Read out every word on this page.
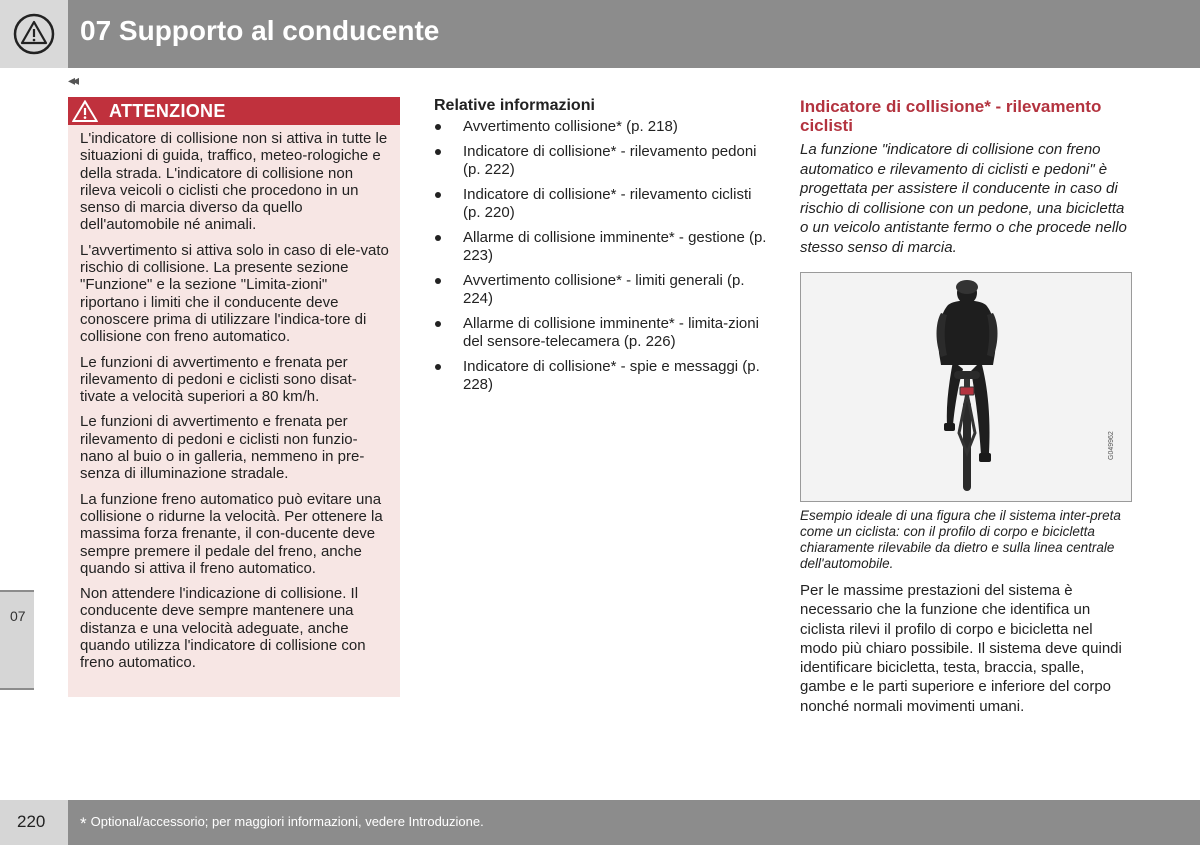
07 Supporto al conducente
◂◂
07
ATTENZIONE

L'indicatore di collisione non si attiva in tutte le situazioni di guida, traffico, meteo-rologiche e della strada. L'indicatore di collisione non rileva veicoli o ciclisti che procedono in un senso di marcia diverso da quello dell'automobile né animali.

L'avvertimento si attiva solo in caso di ele-vato rischio di collisione. La presente sezione "Funzione" e la sezione "Limita-zioni" riportano i limiti che il conducente deve conoscere prima di utilizzare l'indica-tore di collisione con freno automatico.

Le funzioni di avvertimento e frenata per rilevamento di pedoni e ciclisti sono disat-tivate a velocità superiori a 80 km/h.

Le funzioni di avvertimento e frenata per rilevamento di pedoni e ciclisti non funzio-nano al buio o in galleria, nemmeno in pre-senza di illuminazione stradale.

La funzione freno automatico può evitare una collisione o ridurne la velocità. Per ottenere la massima forza frenante, il con-ducente deve sempre premere il pedale del freno, anche quando si attiva il freno automatico.

Non attendere l'indicazione di collisione. Il conducente deve sempre mantenere una distanza e una velocità adeguate, anche quando utilizza l'indicatore di collisione con freno automatico.

Relative informazioni
Avvertimento collisione* (p. 218)
Indicatore di collisione* - rilevamento pedoni (p. 222)
Indicatore di collisione* - rilevamento ciclisti (p. 220)
Allarme di collisione imminente* - gestione (p. 223)
Avvertimento collisione* - limiti generali (p. 224)
Allarme di collisione imminente* - limita-zioni del sensore-telecamera (p. 226)
Indicatore di collisione* - spie e messaggi (p. 228)
Indicatore di collisione* - rilevamento ciclisti

La funzione "indicatore di collisione con freno automatico e rilevamento di ciclisti e pedoni" è progettata per assistere il conducente in caso di rischio di collisione con un pedone, una bicicletta o un veicolo antistante fermo o che procede nello stesso senso di marcia.

G049962

Esempio ideale di una figura che il sistema inter-preta come un ciclista: con il profilo di corpo e bicicletta chiaramente rilevabile da dietro e sulla linea centrale dell'automobile.

Per le massime prestazioni del sistema è necessario che la funzione che identifica un ciclista rilevi il profilo di corpo e bicicletta nel modo più chiaro possibile. Il sistema deve quindi identificare bicicletta, testa, braccia, spalle, gambe e le parti superiore e inferiore del corpo nonché normali movimenti umani.

220 * Optional/accessorio; per maggiori informazioni, vedere Introduzione.
